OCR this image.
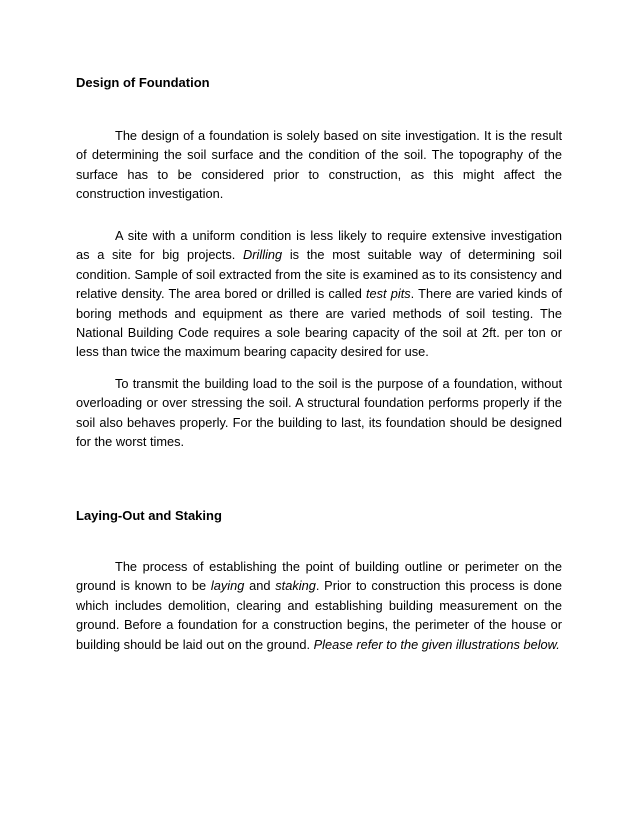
Design of Foundation

The design of a foundation is solely based on site investigation. It is the result of determining the soil surface and the condition of the soil. The topography of the surface has to be considered prior to construction, as this might affect the construction investigation.

A site with a uniform condition is less likely to require extensive investigation as a site for big projects. Drilling is the most suitable way of determining soil condition. Sample of soil extracted from the site is examined as to its consistency and relative density. The area bored or drilled is called test pits. There are varied kinds of boring methods and equipment as there are varied methods of soil testing. The National Building Code requires a sole bearing capacity of the soil at 2ft. per ton or less than twice the maximum bearing capacity desired for use.

To transmit the building load to the soil is the purpose of a foundation, without overloading or over stressing the soil. A structural foundation performs properly if the soil also behaves properly. For the building to last, its foundation should be designed for the worst times.

Laying-Out and Staking

The process of establishing the point of building outline or perimeter on the ground is known to be laying and staking. Prior to construction this process is done which includes demolition, clearing and establishing building measurement on the ground. Before a foundation for a construction begins, the perimeter of the house or building should be laid out on the ground. Please refer to the given illustrations below.
